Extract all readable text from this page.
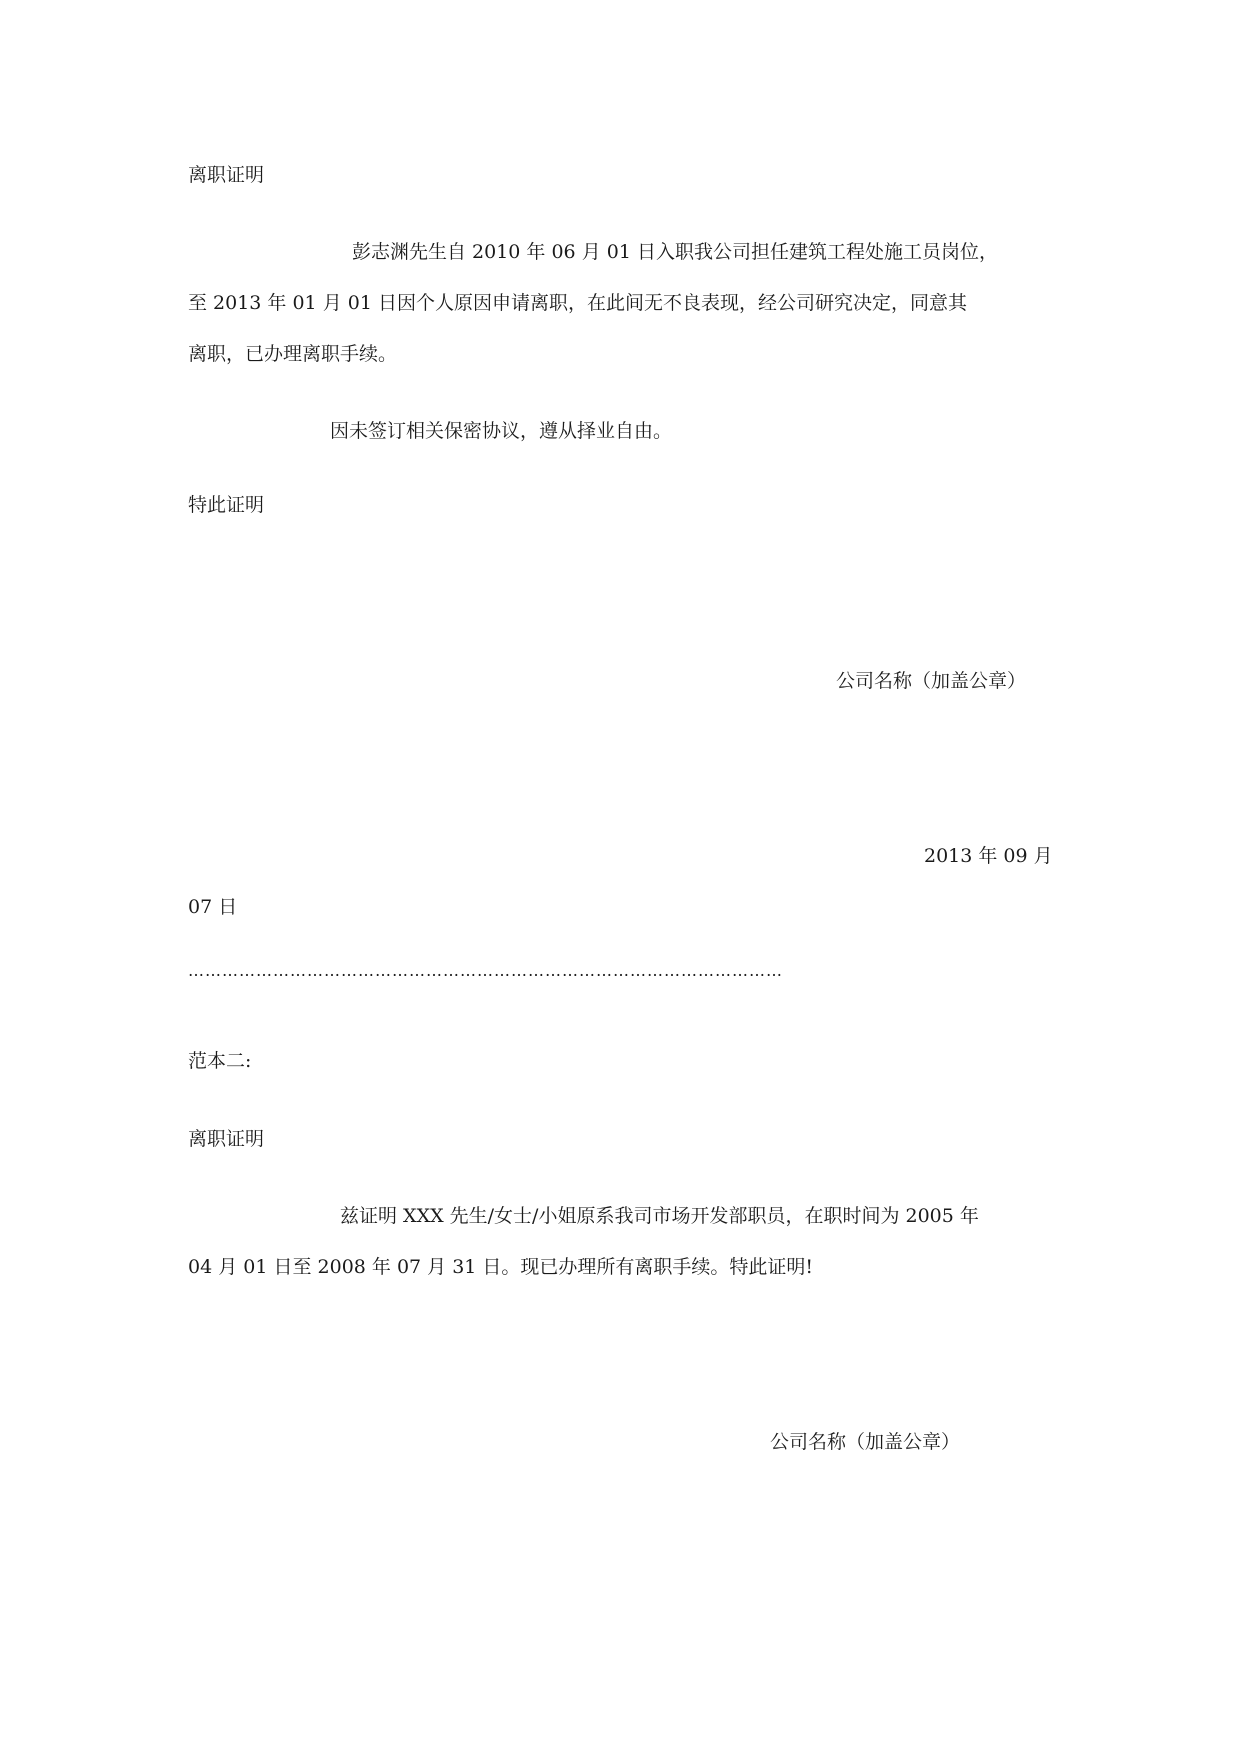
离职证明
彭志渊先生自 2010 年 06 月 01 日入职我公司担任建筑工程处施工员岗位，
至 2013 年 01 月 01 日因个人原因申请离职，在此间无不良表现，经公司研究决定，同意其
离职，已办理离职手续。
因未签订相关保密协议，遵从择业自由。
特此证明
公司名称（加盖公章）
2013 年 09 月
07 日
……………………………………………………………………………………………
范本二:
离职证明
兹证明 XXX 先生/女士/小姐原系我司市场开发部职员，在职时间为 2005 年
04 月 01 日至 2008 年 07 月 31 日。现已办理所有离职手续。特此证明!
公司名称（加盖公章）
